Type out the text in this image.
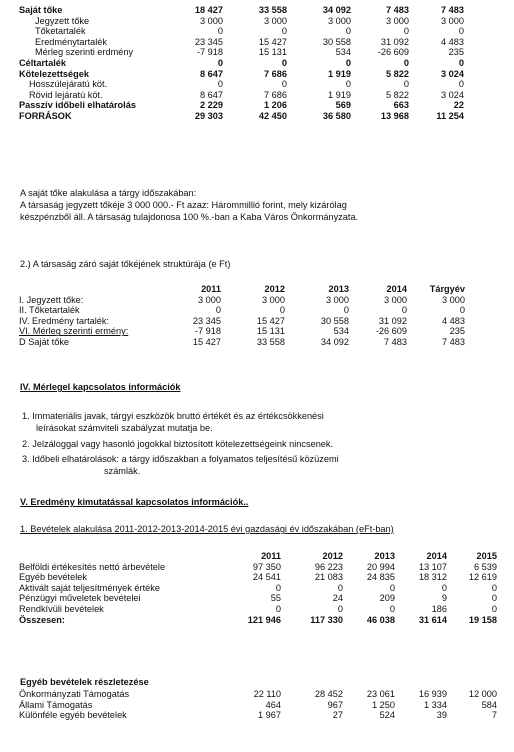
Saját tőke	18 427	33 558	34 092	7 483	7 483
Jegyzett tőke	3 000	3 000	3 000	3 000	3 000
Tőketartalék	0	0	0	0	0
Eredménytartalék	23 345	15 427	30 558	31 092	4 483
Mérleg szerinti erdmény	-7 918	15 131	534	-26 609	235
Céltartalék	0	0	0	0	0
Kötelezettségek	8 647	7 686	1 919	5 822	3 024
Hosszúlejáratú köt.	0	0	0	0	0
Rövid lejáratú köt.	8 647	7 686	1 919	5 822	3 024
Passzív időbeli elhatárolás	2 229	1 206	569	663	22
FORRÁSOK	29 303	42 450	36 580	13 968	11 254
A saját tőke alakulása a tárgy időszakában:
A társaság jegyzett tőkéje 3 000 000.- Ft azaz: Hárommillió forint, mely kizárólag
készpénzből áll. A társaság tulajdonosa 100 %.-ban a Kaba Város Önkormányzata.
2.) A társaság záró saját tőkéjének struktúrája (e Ft)
	2011	2012	2013	2014	Tárgyév
I. Jegyzett tőke:	3 000	3 000	3 000	3 000	3 000
II. Tőketartalék	0	0	0	0	0
IV. Eredmény tartalék:	23 345	15 427	30 558	31 092	4 483
VI. Mérleg szerinti ermény:	-7 918	15 131	534	-26 609	235
D Saját tőke	15 427	33 558	34 092	7 483	7 483
IV. Mérlegel kapcsolatos információk
1. Immateriális javak, tárgyi eszközök bruttó értékét és az értékcsökkenési
leírásokat számviteli szabályzat mutatja be.
2. Jelzáloggal vagy hasonló jogokkal biztosított kötelezettségeink nincsenek.
3. Időbeli elhatárolások: a tárgy időszakban a folyamatos teljesítésű közüzemi
számlák.
V. Eredmény kimutatással kapcsolatos információk..
1. Bevételek alakulása 2011-2012-2013-2014-2015 évi gazdasági év időszakában (eFt-ban)
	2011	2012	2013	2014	2015
Belföldi értékesítés nettó árbevétele	97 350	96 223	20 994	13 107	6 539
Egyéb bevételek	24 541	21 083	24 835	18 312	12 619
Aktivált saját teljesítmények értéke	0	0	0	0	0
Pénzügyi műveletek bevételei	55	24	209	9	0
Rendkívüli bevételek	0	0	0	186	0
Összesen:	121 946	117 330	46 038	31 614	19 158
Egyéb bevételek részletezése
Önkormányzati Támogatás	22 110	28 452	23 061	16 939	12 000
Állami Támogatás	464	967	1 250	1 334	584
Különféle egyéb bevételek	1 967	27	524	39	7
